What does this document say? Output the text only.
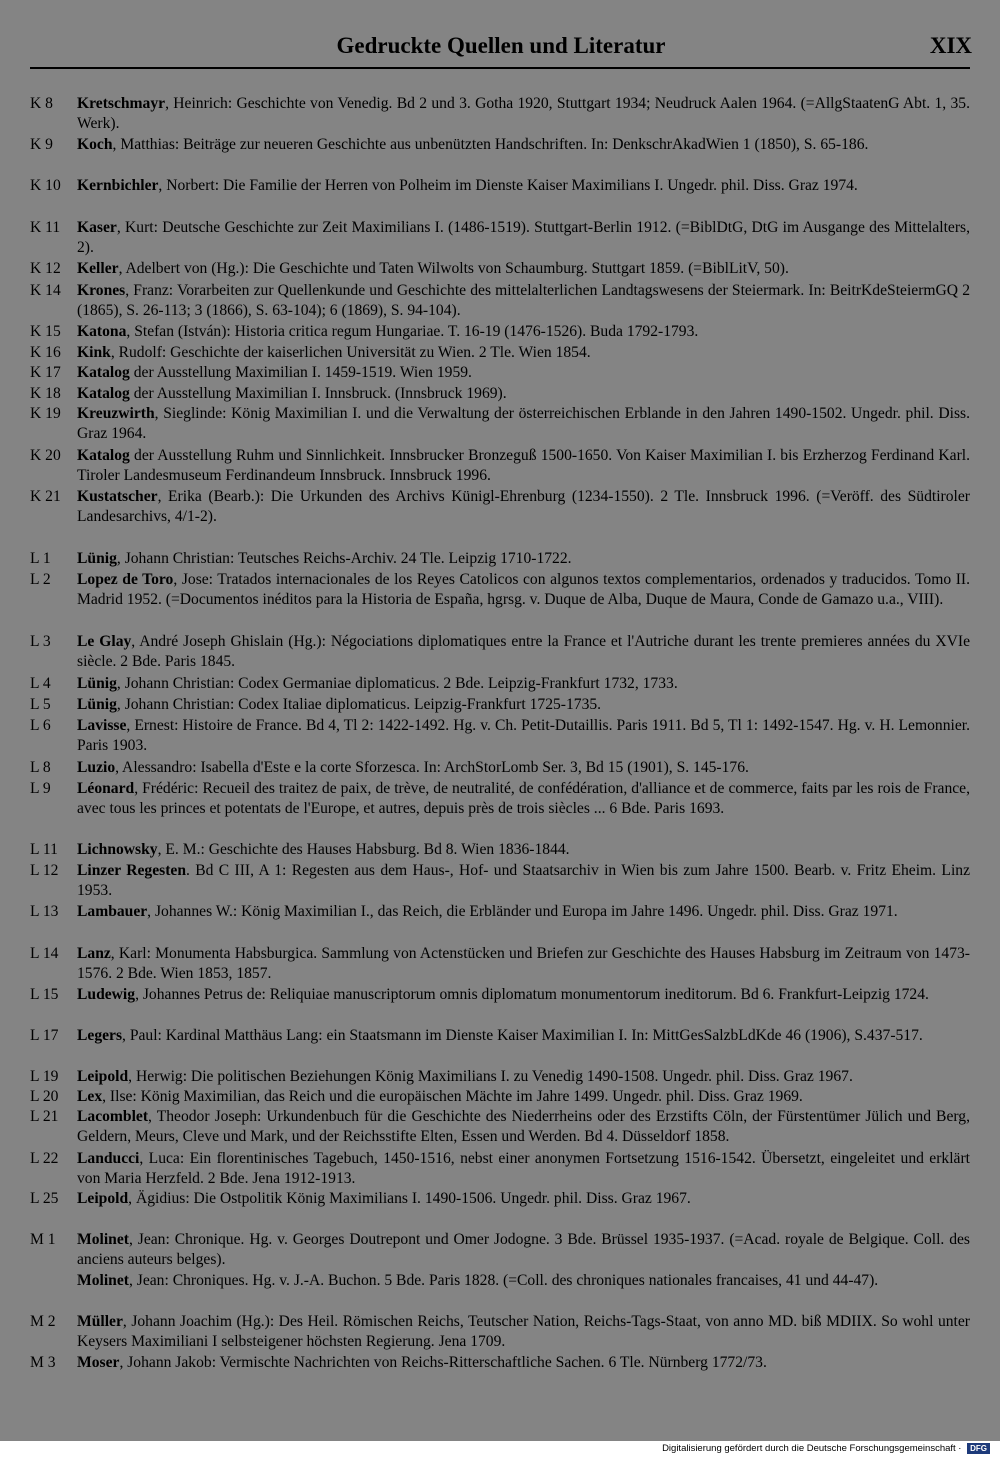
Gedruckte Quellen und Literatur	XIX
K 8 Kretschmayr, Heinrich: Geschichte von Venedig. Bd 2 und 3. Gotha 1920, Stuttgart 1934; Neudruck Aalen 1964. (=AllgStaatenG Abt. 1, 35. Werk).
K 9 Koch, Matthias: Beiträge zur neueren Geschichte aus unbenützten Handschriften. In: DenkschrAkadWien 1 (1850), S. 65-186.
K 10 Kernbichler, Norbert: Die Familie der Herren von Polheim im Dienste Kaiser Maximilians I. Ungedr. phil. Diss. Graz 1974.
K 11 Kaser, Kurt: Deutsche Geschichte zur Zeit Maximilians I. (1486-1519). Stuttgart-Berlin 1912. (=BiblDtG, DtG im Ausgange des Mittelalters, 2).
K 12 Keller, Adelbert von (Hg.): Die Geschichte und Taten Wilwolts von Schaumburg. Stuttgart 1859. (=BiblLitV, 50).
K 14 Krones, Franz: Vorarbeiten zur Quellenkunde und Geschichte des mittelalterlichen Landtagswesens der Steiermark. In: BeitrKdeSteiermGQ 2 (1865), S. 26-113; 3 (1866), S. 63-104); 6 (1869), S. 94-104).
K 15 Katona, Stefan (István): Historia critica regum Hungariae. T. 16-19 (1476-1526). Buda 1792-1793.
K 16 Kink, Rudolf: Geschichte der kaiserlichen Universität zu Wien. 2 Tle. Wien 1854.
K 17 Katalog der Ausstellung Maximilian I. 1459-1519. Wien 1959.
K 18 Katalog der Ausstellung Maximilian I. Innsbruck. (Innsbruck 1969).
K 19 Kreuzwirth, Sieglinde: König Maximilian I. und die Verwaltung der österreichischen Erblande in den Jahren 1490-1502. Ungedr. phil. Diss. Graz 1964.
K 20 Katalog der Ausstellung Ruhm und Sinnlichkeit. Innsbrucker Bronzeguß 1500-1650. Von Kaiser Maximilian I. bis Erzherzog Ferdinand Karl. Tiroler Landesmuseum Ferdinandeum Innsbruck. Innsbruck 1996.
K 21 Kustatscher, Erika (Bearb.): Die Urkunden des Archivs Künigl-Ehrenburg (1234-1550). 2 Tle. Innsbruck 1996. (=Veröff. des Südtiroler Landesarchivs, 4/1-2).
L 1 Lünig, Johann Christian: Teutsches Reichs-Archiv. 24 Tle. Leipzig 1710-1722.
L 2 Lopez de Toro, Jose: Tratados internacionales de los Reyes Catolicos con algunos textos complementarios, ordenados y traducidos. Tomo II. Madrid 1952. (=Documentos inéditos para la Historia de España, hgrsg. v. Duque de Alba, Duque de Maura, Conde de Gamazo u.a., VIII).
L 3 Le Glay, André Joseph Ghislain (Hg.): Négociations diplomatiques entre la France et l'Autriche durant les trente premieres années du XVIe siècle. 2 Bde. Paris 1845.
L 4 Lünig, Johann Christian: Codex Germaniae diplomaticus. 2 Bde. Leipzig-Frankfurt 1732, 1733.
L 5 Lünig, Johann Christian: Codex Italiae diplomaticus. Leipzig-Frankfurt 1725-1735.
L 6 Lavisse, Ernest: Histoire de France. Bd 4, Tl 2: 1422-1492. Hg. v. Ch. Petit-Dutaillis. Paris 1911. Bd 5, Tl 1: 1492-1547. Hg. v. H. Lemonnier. Paris 1903.
L 8 Luzio, Alessandro: Isabella d'Este e la corte Sforzesca. In: ArchStorLomb Ser. 3, Bd 15 (1901), S. 145-176.
L 9 Léonard, Frédéric: Recueil des traitez de paix, de trève, de neutralité, de confédération, d'alliance et de commerce, faits par les rois de France, avec tous les princes et potentats de l'Europe, et autres, depuis près de trois siècles ... 6 Bde. Paris 1693.
L 11 Lichnowsky, E. M.: Geschichte des Hauses Habsburg. Bd 8. Wien 1836-1844.
L 12 Linzer Regesten. Bd C III, A 1: Regesten aus dem Haus-, Hof- und Staatsarchiv in Wien bis zum Jahre 1500. Bearb. v. Fritz Eheim. Linz 1953.
L 13 Lambauer, Johannes W.: König Maximilian I., das Reich, die Erbländer und Europa im Jahre 1496. Ungedr. phil. Diss. Graz 1971.
L 14 Lanz, Karl: Monumenta Habsburgica. Sammlung von Actenstücken und Briefen zur Geschichte des Hauses Habsburg im Zeitraum von 1473-1576. 2 Bde. Wien 1853, 1857.
L 15 Ludewig, Johannes Petrus de: Reliquiae manuscriptorum omnis diplomatum monumentorum ineditorum. Bd 6. Frankfurt-Leipzig 1724.
L 17 Legers, Paul: Kardinal Matthäus Lang: ein Staatsmann im Dienste Kaiser Maximilian I. In: MittGesSalzbLdKde 46 (1906), S.437-517.
L 19 Leipold, Herwig: Die politischen Beziehungen König Maximilians I. zu Venedig 1490-1508. Ungedr. phil. Diss. Graz 1967.
L 20 Lex, Ilse: König Maximilian, das Reich und die europäischen Mächte im Jahre 1499. Ungedr. phil. Diss. Graz 1969.
L 21 Lacomblet, Theodor Joseph: Urkundenbuch für die Geschichte des Niederrheins oder des Erzstifts Cöln, der Fürstentümer Jülich und Berg, Geldern, Meurs, Cleve und Mark, und der Reichsstifte Elten, Essen und Werden. Bd 4. Düsseldorf 1858.
L 22 Landucci, Luca: Ein florentinisches Tagebuch, 1450-1516, nebst einer anonymen Fortsetzung 1516-1542. Übersetzt, eingeleitet und erklärt von Maria Herzfeld. 2 Bde. Jena 1912-1913.
L 25 Leipold, Ägidius: Die Ostpolitik König Maximilians I. 1490-1506. Ungedr. phil. Diss. Graz 1967.
M 1 Molinet, Jean: Chronique. Hg. v. Georges Doutrepont und Omer Jodogne. 3 Bde. Brüssel 1935-1937. (=Acad. royale de Belgique. Coll. des anciens auteurs belges).
Molinet, Jean: Chroniques. Hg. v. J.-A. Buchon. 5 Bde. Paris 1828. (=Coll. des chroniques nationales francaises, 41 und 44-47).
M 2 Müller, Johann Joachim (Hg.): Des Heil. Römischen Reichs, Teutscher Nation, Reichs-Tags-Staat, von anno MD. biß MDIIX. So wohl unter Keysers Maximiliani I selbsteigener höchsten Regierung. Jena 1709.
M 3 Moser, Johann Jakob: Vermischte Nachrichten von Reichs-Ritterschaftliche Sachen. 6 Tle. Nürnberg 1772/73.
Digitalisierung gefördert durch die Deutsche Forschungsgemeinschaft · DFG
